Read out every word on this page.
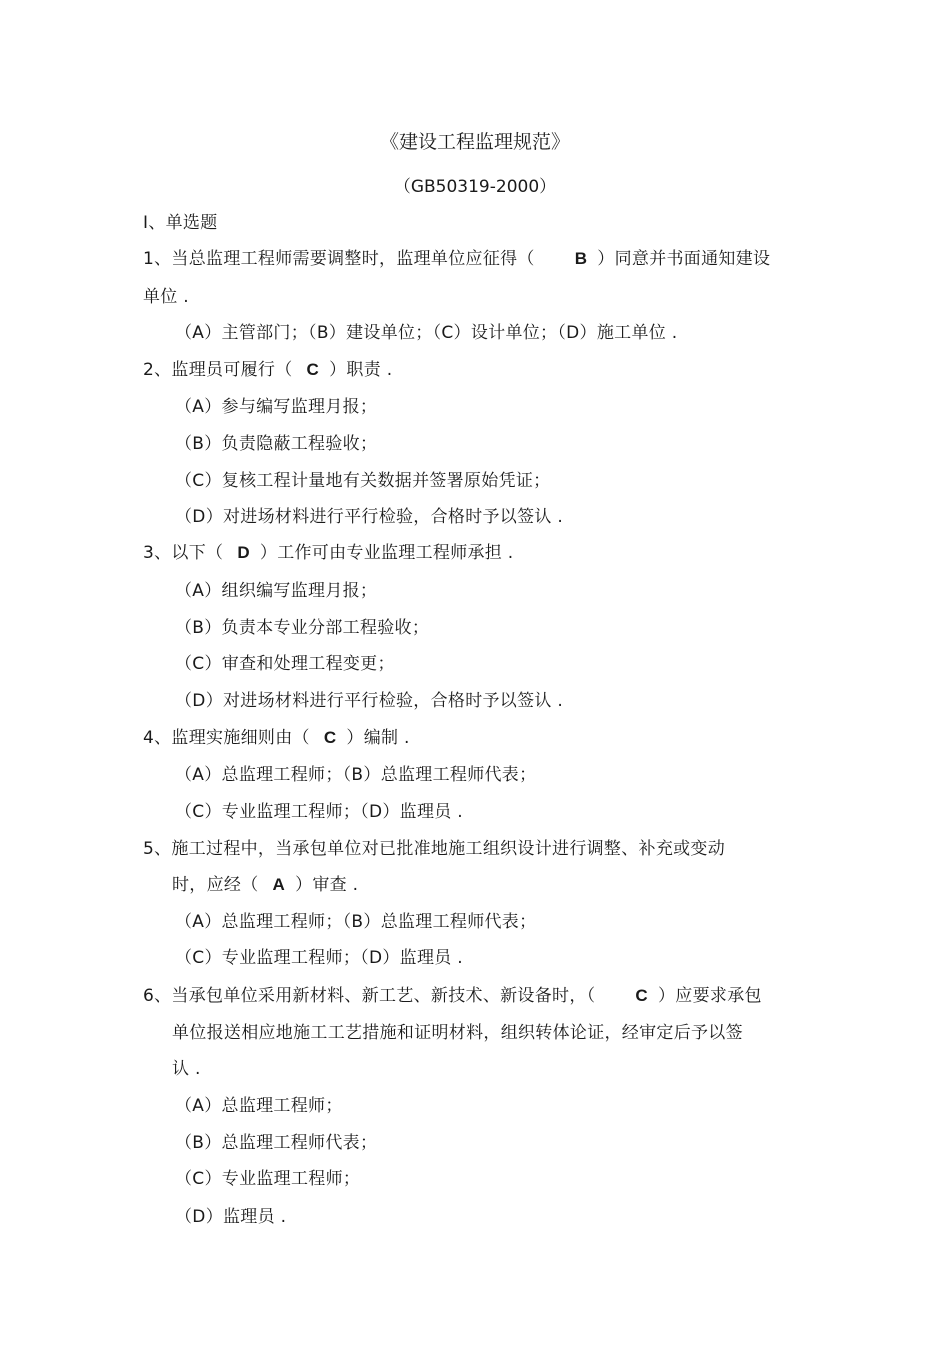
《建设工程监理规范》
（GB50319-2000）
Ⅰ、单选题
1、当总监理工程师需要调整时，监理单位应征得（ B ）同意并书面通知建设
单位 .
（A）主管部门；（B）建设单位；（C）设计单位；（D）施工单位 .
2、监理员可履行（ C ）职责 .
（A）参与编写监理月报；
（B）负责隐蔽工程验收；
（C）复核工程计量地有关数据并签署原始凭证；
（D）对进场材料进行平行检验，合格时予以签认 .
3、以下（ D ）工作可由专业监理工程师承担 .
（A）组织编写监理月报；
（B）负责本专业分部工程验收；
（C）审查和处理工程变更；
（D）对进场材料进行平行检验，合格时予以签认 .
4、监理实施细则由（ C ）编制 .
（A）总监理工程师；（B）总监理工程师代表；
（C）专业监理工程师；（D）监理员 .
5、施工过程中，当承包单位对已批准地施工组织设计进行调整、补充或变动
时，应经（ A ）审查 .
（A）总监理工程师；（B）总监理工程师代表；
（C）专业监理工程师；（D）监理员 .
6、当承包单位采用新材料、新工艺、新技术、新设备时，（ C ）应要求承包
单位报送相应地施工工艺措施和证明材料，组织转体论证，经审定后予以签
认 .
（A）总监理工程师；
（B）总监理工程师代表；
（C）专业监理工程师；
（D）监理员 .
